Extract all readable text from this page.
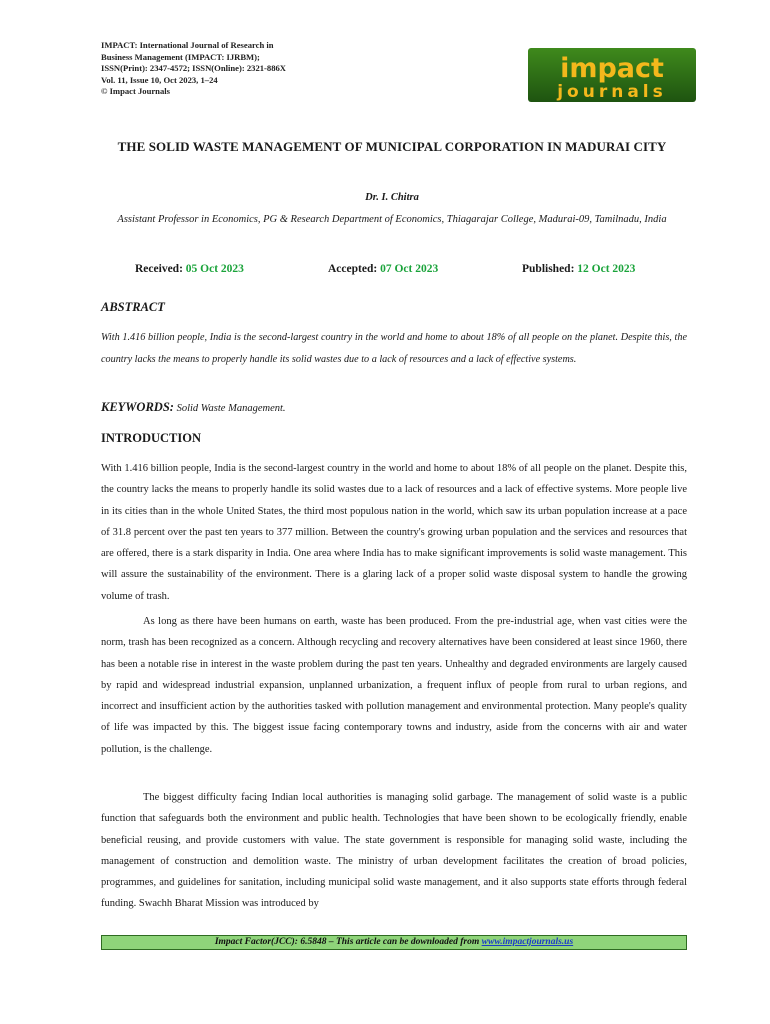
IMPACT: International Journal of Research in
Business Management (IMPACT: IJRBM);
ISSN(Print): 2347-4572; ISSN(Online): 2321-886X
Vol. 11, Issue 10, Oct 2023, 1–24
© Impact Journals
impact
journals
THE SOLID WASTE MANAGEMENT OF MUNICIPAL CORPORATION IN MADURAI CITY
Dr. I. Chitra
Assistant Professor in Economics, PG & Research Department of Economics, Thiagarajar College, Madurai-09, Tamilnadu, India
Received: 05 Oct 2023	Accepted: 07 Oct 2023	Published: 12 Oct 2023
ABSTRACT
With 1.416 billion people, India is the second-largest country in the world and home to about 18% of all people on the planet. Despite this, the country lacks the means to properly handle its solid wastes due to a lack of resources and a lack of effective systems.
KEYWORDS: Solid Waste Management.
INTRODUCTION
With 1.416 billion people, India is the second-largest country in the world and home to about 18% of all people on the planet. Despite this, the country lacks the means to properly handle its solid wastes due to a lack of resources and a lack of effective systems. More people live in its cities than in the whole United States, the third most populous nation in the world, which saw its urban population increase at a pace of 31.8 percent over the past ten years to 377 million. Between the country's growing urban population and the services and resources that are offered, there is a stark disparity in India. One area where India has to make significant improvements is solid waste management. This will assure the sustainability of the environment. There is a glaring lack of a proper solid waste disposal system to handle the growing volume of trash.
As long as there have been humans on earth, waste has been produced. From the pre-industrial age, when vast cities were the norm, trash has been recognized as a concern. Although recycling and recovery alternatives have been considered at least since 1960, there has been a notable rise in interest in the waste problem during the past ten years. Unhealthy and degraded environments are largely caused by rapid and widespread industrial expansion, unplanned urbanization, a frequent influx of people from rural to urban regions, and incorrect and insufficient action by the authorities tasked with pollution management and environmental protection. Many people's quality of life was impacted by this. The biggest issue facing contemporary towns and industry, aside from the concerns with air and water pollution, is the challenge.
The biggest difficulty facing Indian local authorities is managing solid garbage. The management of solid waste is a public function that safeguards both the environment and public health. Technologies that have been shown to be ecologically friendly, enable beneficial reusing, and provide customers with value. The state government is responsible for managing solid waste, including the management of construction and demolition waste. The ministry of urban development facilitates the creation of broad policies, programmes, and guidelines for sanitation, including municipal solid waste management, and it also supports state efforts through federal funding. Swachh Bharat Mission was introduced by
Impact Factor(JCC): 6.5848 – This article can be downloaded from www.impactjournals.us
